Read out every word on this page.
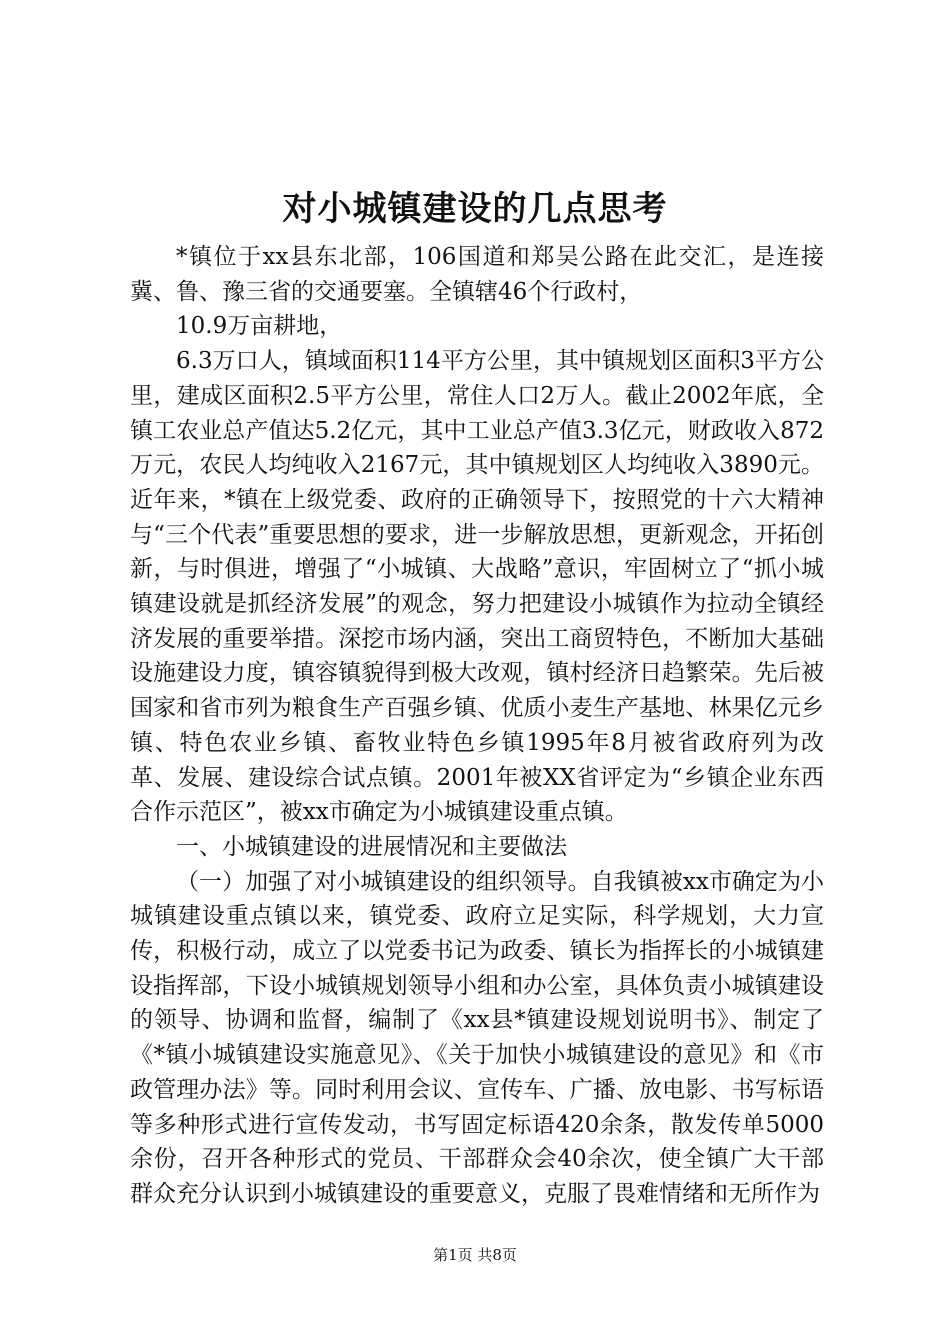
对小城镇建设的几点思考

*镇位于xx县东北部，106国道和郑吴公路在此交汇，是连接冀、鲁、豫三省的交通要塞。全镇辖46个行政村，

10.9万亩耕地，

6.3万口人，镇域面积114平方公里，其中镇规划区面积3平方公里，建成区面积2.5平方公里，常住人口2万人。截止2002年底，全镇工农业总产值达5.2亿元，其中工业总产值3.3亿元，财政收入872万元，农民人均纯收入2167元，其中镇规划区人均纯收入3890元。近年来，*镇在上级党委、政府的正确领导下，按照党的十六大精神与“三个代表”重要思想的要求，进一步解放思想，更新观念，开拓创新，与时俱进，增强了“小城镇、大战略”意识，牢固树立了“抓小城镇建设就是抓经济发展”的观念，努力把建设小城镇作为拉动全镇经济发展的重要举措。深挖市场内涵，突出工商贸特色，不断加大基础设施建设力度，镇容镇貌得到极大改观，镇村经济日趋繁荣。先后被国家和省市列为粮食生产百强乡镇、优质小麦生产基地、林果亿元乡镇、特色农业乡镇、畜牧业特色乡镇1995年8月被省政府列为改革、发展、建设综合试点镇。2001年被XX省评定为“乡镇企业东西合作示范区”，被xx市确定为小城镇建设重点镇。

一、小城镇建设的进展情况和主要做法

（一）加强了对小城镇建设的组织领导。自我镇被xx市确定为小城镇建设重点镇以来，镇党委、政府立足实际，科学规划，大力宣传，积极行动，成立了以党委书记为政委、镇长为指挥长的小城镇建设指挥部，下设小城镇规划领导小组和办公室，具体负责小城镇建设的领导、协调和监督，编制了《xx县*镇建设规划说明书》、制定了《*镇小城镇建设实施意见》、《关于加快小城镇建设的意见》和《市政管理办法》等。同时利用会议、宣传车、广播、放电影、书写标语等多种形式进行宣传发动，书写固定标语420余条，散发传单5000余份，召开各种形式的党员、干部群众会40余次，使全镇广大干部群众充分认识到小城镇建设的重要意义，克服了畏难情绪和无所作为

第1页 共8页
